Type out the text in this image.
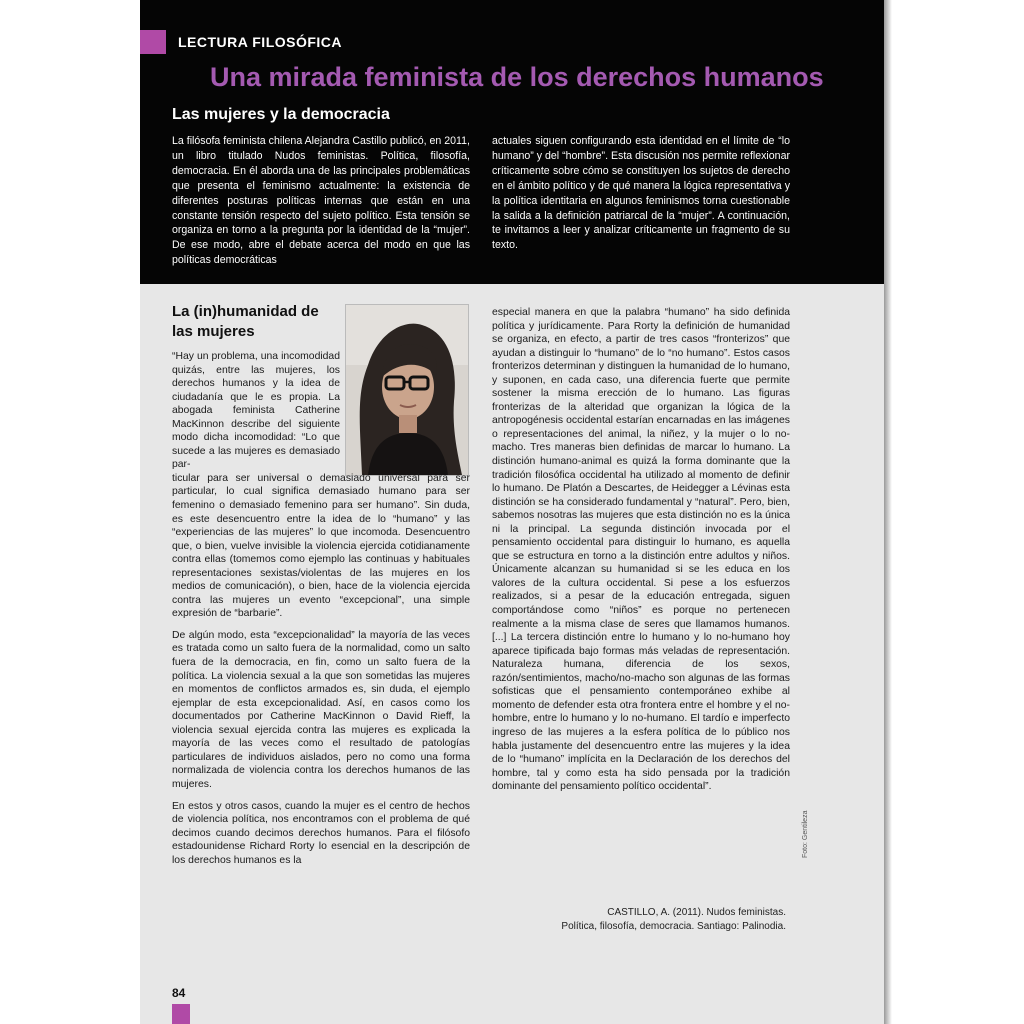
LECTURA FILOSÓFICA
Una mirada feminista de los derechos humanos
Las mujeres y la democracia
La filósofa feminista chilena Alejandra Castillo publicó, en 2011, un libro titulado Nudos feministas. Política, filosofía, democracia. En él aborda una de las principales problemáticas que presenta el feminismo actualmente: la existencia de diferentes posturas políticas internas que están en una constante tensión respecto del sujeto político. Esta tensión se organiza en torno a la pregunta por la identidad de la “mujer”. De ese modo, abre el debate acerca del modo en que las políticas democráticas
actuales siguen configurando esta identidad en el límite de “lo humano” y del “hombre”. Esta discusión nos permite reflexionar críticamente sobre cómo se constituyen los sujetos de derecho en el ámbito político y de qué manera la lógica representativa y la política identitaria en algunos feminismos torna cuestionable la salida a la definición patriarcal de la “mujer”. A continuación, te invitamos a leer y analizar críticamente un fragmento de su texto.
La (in)humanidad de las mujeres

“Hay un problema, una incomodidad quizás, entre las mujeres, los derechos humanos y la idea de ciudadanía que le es propia. La abogada feminista Catherine MacKinnon describe del siguiente modo dicha incomodidad: “Lo que sucede a las mujeres es demasiado par-
ticular para ser universal o demasiado universal para ser particular, lo cual significa demasiado humano para ser femenino o demasiado femenino para ser humano”. Sin duda, es este desencuentro entre la idea de lo “humano” y las “experiencias de las mujeres” lo que incomoda. Desencuentro que, o bien, vuelve invisible la violencia ejercida cotidianamente contra ellas (tomemos como ejemplo las continuas y habituales representaciones sexistas/violentas de las mujeres en los medios de comunicación), o bien, hace de la violencia ejercida contra las mujeres un evento “excepcional”, una simple expresión de “barbarie”.

De algún modo, esta “excepcionalidad” la mayoría de las veces es tratada como un salto fuera de la normalidad, como un salto fuera de la democracia, en fin, como un salto fuera de la política. La violencia sexual a la que son sometidas las mujeres en momentos de conflictos armados es, sin duda, el ejemplo ejemplar de esta excepcionalidad. Así, en casos como los documentados por Catherine MacKinnon o David Rieff, la violencia sexual ejercida contra las mujeres es explicada la mayoría de las veces como el resultado de patologías particulares de individuos aislados, pero no como una forma normalizada de violencia contra los derechos humanos de las mujeres.

En estos y otros casos, cuando la mujer es el centro de hechos de violencia política, nos encontramos con el problema de qué decimos cuando decimos derechos humanos. Para el filósofo estadounidense Richard Rorty lo esencial en la descripción de los derechos humanos es la

especial manera en que la palabra “humano” ha sido definida política y jurídicamente. Para Rorty la definición de humanidad se organiza, en efecto, a partir de tres casos “fronterizos” que ayudan a distinguir lo “humano” de lo “no humano”. Estos casos fronterizos determinan y distinguen la humanidad de lo humano, y suponen, en cada caso, una diferencia fuerte que permite sostener la misma erección de lo humano. Las figuras fronterizas de la alteridad que organizan la lógica de la antropogénesis occidental estarían encarnadas en las imágenes o representaciones del animal, la niñez, y la mujer o lo no-macho. Tres maneras bien definidas de marcar lo humano. La distinción humano-animal es quizá la forma dominante que la tradición filosófica occidental ha utilizado al momento de definir lo humano. De Platón a Descartes, de Heidegger a Lévinas esta distinción se ha considerado fundamental y “natural”. Pero, bien, sabemos nosotras las mujeres que esta distinción no es la única ni la principal. La segunda distinción invocada por el pensamiento occidental para distinguir lo humano, es aquella que se estructura en torno a la distinción entre adultos y niños. Únicamente alcanzan su humanidad si se les educa en los valores de la cultura occidental. Si pese a los esfuerzos realizados, si a pesar de la educación entregada, siguen comportándose como “niños” es porque no pertenecen realmente a la misma clase de seres que llamamos humanos. [...] La tercera distinción entre lo humano y lo no-humano hoy aparece tipificada bajo formas más veladas de representación. Naturaleza humana, diferencia de los sexos, razón/sentimientos, macho/no-macho son algunas de las formas sofisticas que el pensamiento contemporáneo exhibe al momento de defender esta otra frontera entre el hombre y el no-hombre, entre lo humano y lo no-humano. El tardío e imperfecto ingreso de las mujeres a la esfera política de lo público nos habla justamente del desencuentro entre las mujeres y la idea de lo “humano” implícita en la Declaración de los derechos del hombre, tal y como esta ha sido pensada por la tradición dominante del pensamiento político occidental”.

CASTILLO, A. (2011). Nudos feministas.
Política, filosofía, democracia. Santiago: Palinodia.
Foto: Gentileza
84
